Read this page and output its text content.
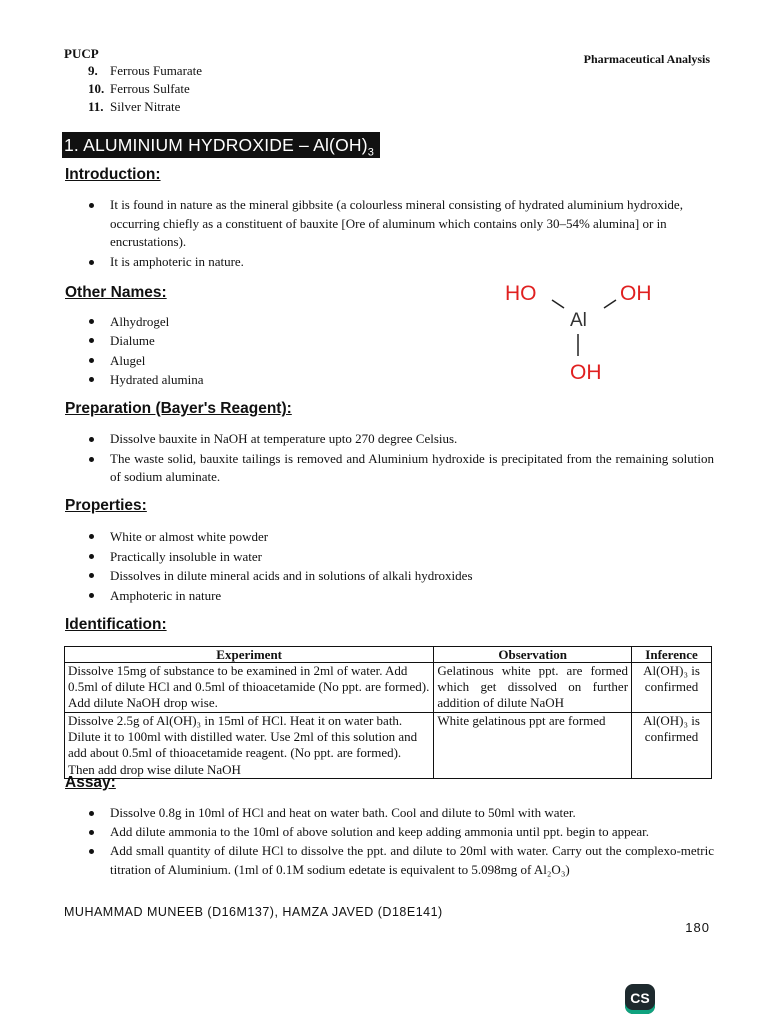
PUCP	Pharmaceutical Analysis
9. Ferrous Fumarate
10. Ferrous Sulfate
11. Silver Nitrate
1. ALUMINIUM HYDROXIDE – $Al(OH)_3$
Introduction:
It is found in nature as the mineral gibbsite (a colourless mineral consisting of hydrated aluminium hydroxide, occurring chiefly as a constituent of bauxite [Ore of aluminum which contains only 30–54% alumina] or in encrustations).
It is amphoteric in nature.
Other Names:
Alhydrogel
Dialume
Alugel
Hydrated alumina
HO	OH
Al
OH
Preparation (Bayer's Reagent):
Dissolve bauxite in NaOH at temperature upto 270 degree Celsius.
The waste solid, bauxite tailings is removed and Aluminium hydroxide is precipitated from the remaining solution of sodium aluminate.
Properties:
White or almost white powder
Practically insoluble in water
Dissolves in dilute mineral acids and in solutions of alkali hydroxides
Amphoteric in nature
Identification:
Experiment	Observation	Inference
Dissolve 15mg of substance to be examined in 2ml of water. Add 0.5ml of dilute HCl and 0.5ml of thioacetamide (No ppt. are formed). Add dilute NaOH drop wise.	Gelatinous white ppt. are formed which get dissolved on further addition of dilute NaOH	Al(OH)₃ is confirmed
Dissolve 2.5g of Al(OH)₃ in 15ml of HCl. Heat it on water bath. Dilute it to 100ml with distilled water. Use 2ml of this solution and add about 0.5ml of thioacetamide reagent. (No ppt. are formed). Then add drop wise dilute NaOH	White gelatinous ppt are formed	Al(OH)₃ is confirmed
Assay:
Dissolve 0.8g in 10ml of HCl and heat on water bath. Cool and dilute to 50ml with water.
Add dilute ammonia to the 10ml of above solution and keep adding ammonia until ppt. begin to appear.
Add small quantity of dilute HCl to dissolve the ppt. and dilute to 20ml with water. Carry out the complexo-metric titration of Aluminium. (1ml of 0.1M sodium edetate is equivalent to 5.098mg of Al₂O₃)
MUHAMMAD MUNEEB (D16M137), HAMZA JAVED (D18E141)
180
CS
